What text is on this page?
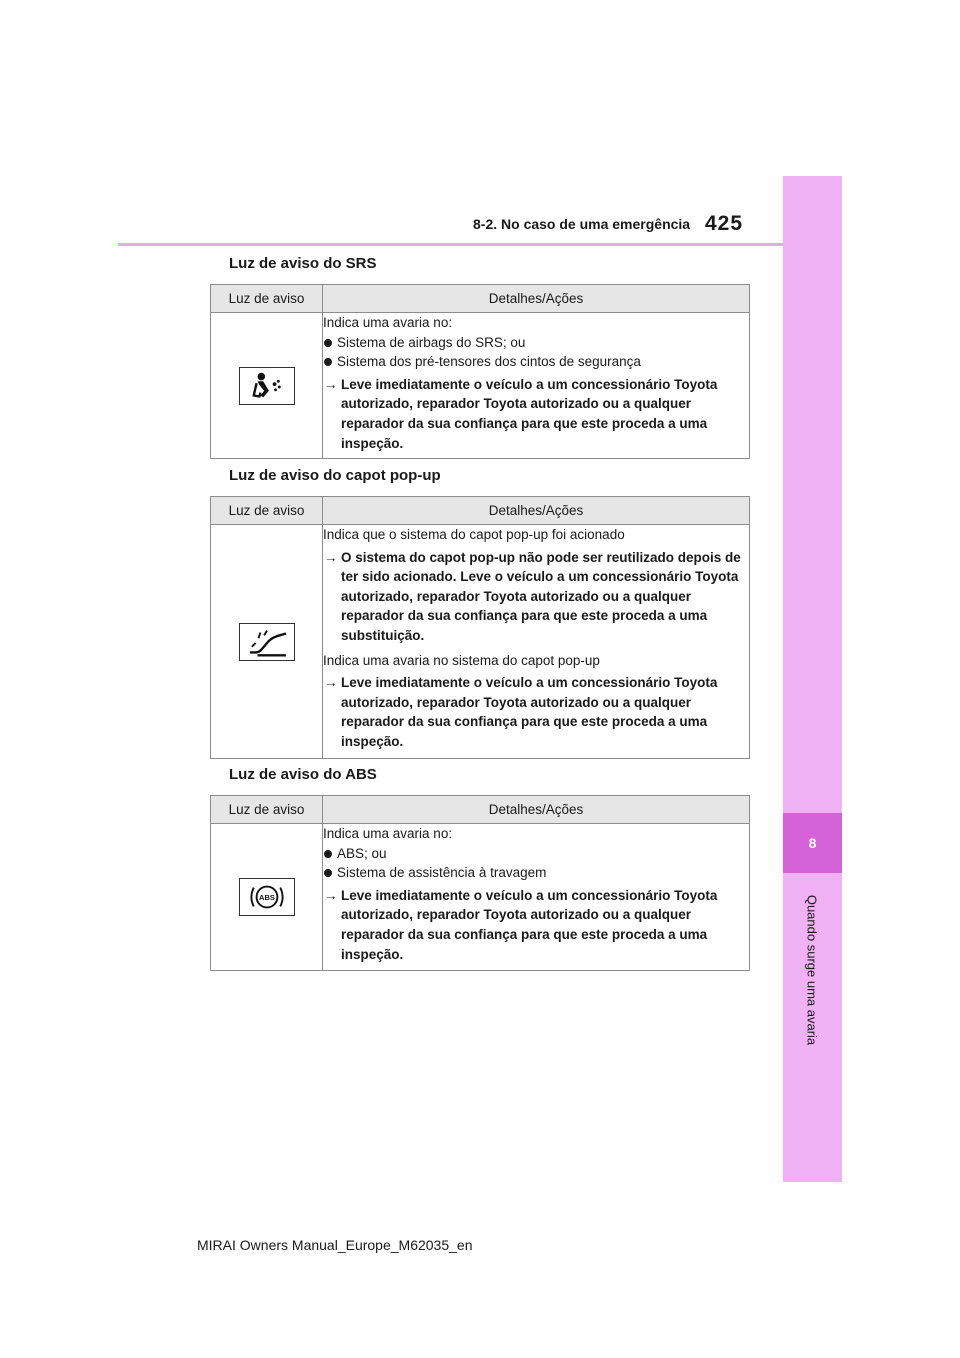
8-2. No caso de uma emergência 425
8
Quando surge uma avaria
Luz de aviso do SRS
Luz de aviso	Detalhes/Ações

Indica uma avaria no:
Sistema de airbags do SRS; ou
Sistema dos pré-tensores dos cintos de segurança
→ Leve imediatamente o veículo a um concessionário Toyota autorizado, reparador Toyota autorizado ou a qualquer reparador da sua confiança para que este proceda a uma inspeção.
Luz de aviso do capot pop-up
Luz de aviso	Detalhes/Ações

Indica que o sistema do capot pop-up foi acionado
→ O sistema do capot pop-up não pode ser reutilizado depois de ter sido acionado. Leve o veículo a um concessionário Toyota autorizado, reparador Toyota autorizado ou a qualquer reparador da sua confiança para que este proceda a uma substituição.
Indica uma avaria no sistema do capot pop-up
→ Leve imediatamente o veículo a um concessionário Toyota autorizado, reparador Toyota autorizado ou a qualquer reparador da sua confiança para que este proceda a uma inspeção.
Luz de aviso do ABS
Luz de aviso	Detalhes/Ações

ABS	

Indica uma avaria no:
ABS; ou
Sistema de assistência à travagem
→ Leve imediatamente o veículo a um concessionário Toyota autorizado, reparador Toyota autorizado ou a qualquer reparador da sua confiança para que este proceda a uma inspeção.
MIRAI Owners Manual_Europe_M62035_en
